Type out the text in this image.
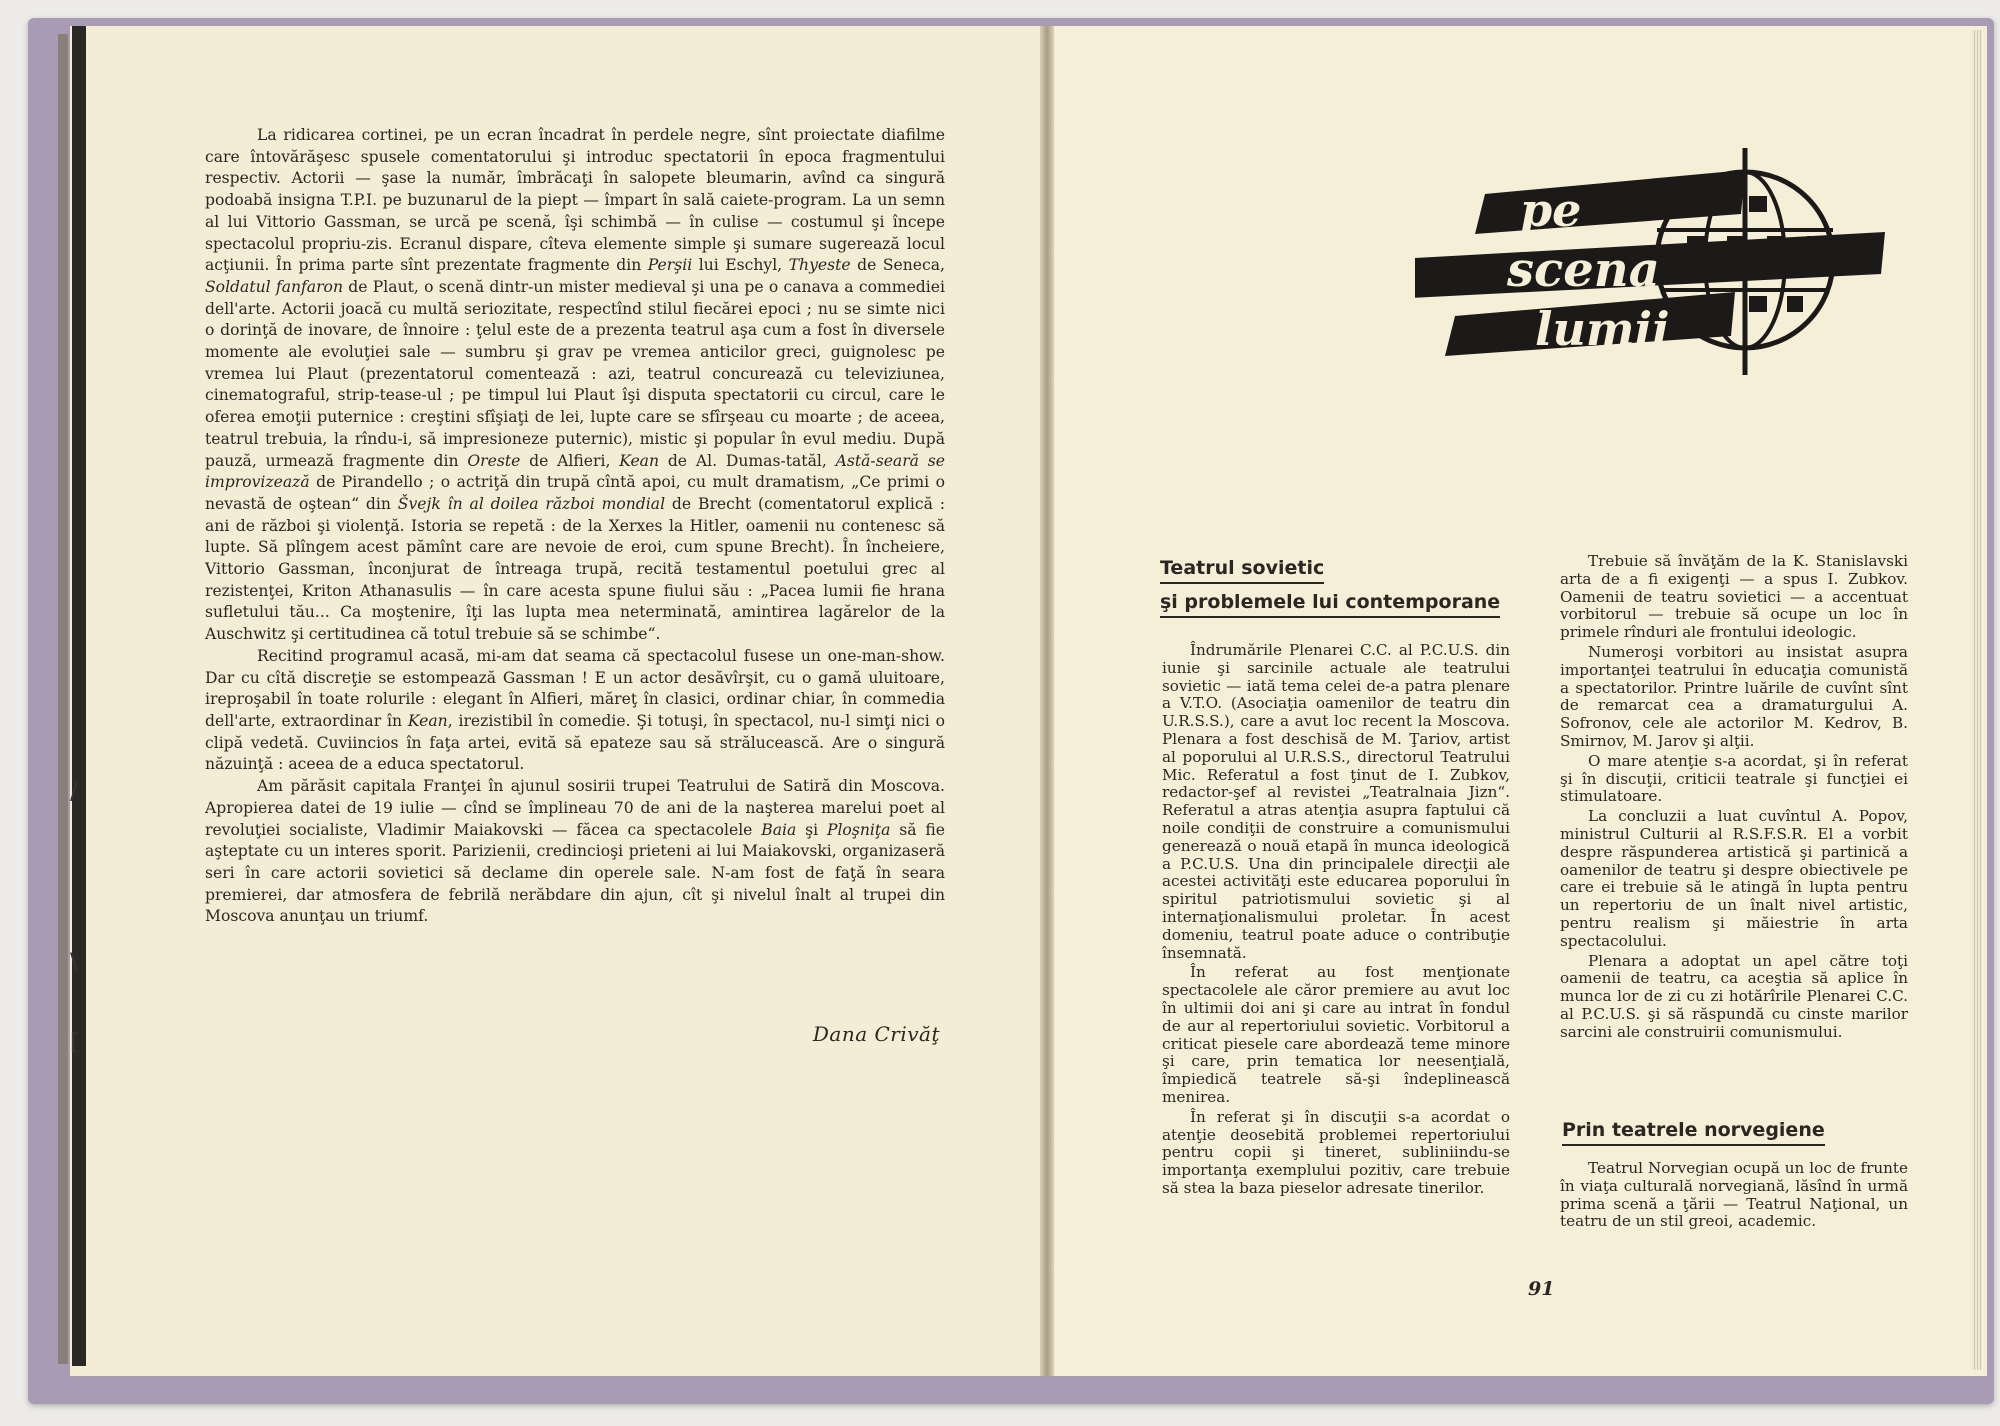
/
\
[

La ridicarea cortinei, pe un ecran încadrat în perdele negre, sînt proiectate diafilme care întovărăşesc spusele comentatorului şi introduc spectatorii în epoca fragmentului respectiv. Actorii — şase la număr, îmbrăcaţi în salopete bleumarin, avînd ca singură podoabă insigna T.P.I. pe buzunarul de la piept — împart în sală caiete-program. La un semn al lui Vittorio Gassman, se urcă pe scenă, îşi schimbă — în culise — costumul şi începe spectacolul propriu-zis. Ecranul dispare, cîteva elemente simple şi sumare sugerează locul acţiunii. În prima parte sînt prezentate fragmente din Perşii lui Eschyl, Thyeste de Seneca, Soldatul fanfaron de Plaut, o scenă dintr-un mister medieval şi una pe o canava a commediei dell'arte. Actorii joacă cu multă seriozitate, respectînd stilul fiecărei epoci ; nu se simte nici o dorinţă de inovare, de înnoire : ţelul este de a prezenta teatrul aşa cum a fost în diversele momente ale evoluţiei sale — sumbru şi grav pe vremea anticilor greci, guignolesc pe vremea lui Plaut (prezentatorul comentează : azi, teatrul concurează cu televiziunea, cinematograful, strip-tease-ul ; pe timpul lui Plaut îşi disputa spectatorii cu circul, care le oferea emoţii puternice : creştini sfîşiaţi de lei, lupte care se sfîrşeau cu moarte ; de aceea, teatrul trebuia, la rîndu-i, să impresioneze puternic), mistic şi popular în evul mediu. După pauză, urmează fragmente din Oreste de Alfieri, Kean de Al. Dumas-tatăl, Astă-seară se improvizează de Pirandello ; o actriţă din trupă cîntă apoi, cu mult dramatism, „Ce primi o nevastă de oştean“ din Švejk în al doilea război mondial de Brecht (comentatorul explică : ani de război şi violenţă. Istoria se repetă : de la Xerxes la Hitler, oamenii nu contenesc să lupte. Să plîngem acest pămînt care are nevoie de eroi, cum spune Brecht). În încheiere, Vittorio Gassman, înconjurat de întreaga trupă, recită testamentul poetului grec al rezistenţei, Kriton Athanasulis — în care acesta spune fiului său : „Pacea lumii fie hrana sufletului tău... Ca moştenire, îţi las lupta mea neterminată, amintirea lagărelor de la Auschwitz şi certitudinea că totul trebuie să se schimbe“.

Recitind programul acasă, mi-am dat seama că spectacolul fusese un one-man-show. Dar cu cîtă discreţie se estompează Gassman ! E un actor desăvîrşit, cu o gamă uluitoare, ireproşabil în toate rolurile : elegant în Alfieri, măreţ în clasici, ordinar chiar, în commedia dell'arte, extraordinar în Kean, irezistibil în comedie. Şi totuşi, în spectacol, nu-l simţi nici o clipă vedetă. Cuviincios în faţa artei, evită să epateze sau să strălucească. Are o singură năzuinţă : aceea de a educa spectatorul.

Am părăsit capitala Franţei în ajunul sosirii trupei Teatrului de Satiră din Moscova. Apropierea datei de 19 iulie — cînd se împlineau 70 de ani de la naşterea marelui poet al revoluţiei socialiste, Vladimir Maiakovski — făcea ca spectacolele Baia şi Ploşniţa să fie aşteptate cu un interes sporit. Parizienii, credincioşi prieteni ai lui Maiakovski, organizaseră seri în care actorii sovietici să declame din operele sale. N-am fost de faţă în seara premierei, dar atmosfera de febrilă nerăbdare din ajun, cît şi nivelul înalt al trupei din Moscova anunţau un triumf.

Dana Crivăţ
pe
scena
lumii
Teatrul sovietic
şi problemele lui contemporane

Îndrumările Plenarei C.C. al P.C.U.S. din iunie şi sarcinile actuale ale teatrului sovietic — iată tema celei de-a patra plenare a V.T.O. (Asociaţia oamenilor de teatru din U.R.S.S.), care a avut loc recent la Moscova. Plenara a fost deschisă de M. Ţariov, artist al poporului al U.R.S.S., directorul Teatrului Mic. Referatul a fost ţinut de I. Zubkov, redactor-şef al revistei „Teatralnaia Jizn“. Referatul a atras atenţia asupra faptului că noile condiţii de construire a comunismului generează o nouă etapă în munca ideologică a P.C.U.S. Una din principalele direcţii ale acestei activităţi este educarea poporului în spiritul patriotismului sovietic şi al internaţionalismului proletar. În acest domeniu, teatrul poate aduce o contribuţie însemnată.

În referat au fost menţionate spectacolele ale căror premiere au avut loc în ultimii doi ani şi care au intrat în fondul de aur al repertoriului sovietic. Vorbitorul a criticat piesele care abordează teme minore şi care, prin tematica lor neesenţială, împiedică teatrele să-şi îndeplinească menirea.

În referat şi în discuţii s-a acordat o atenţie deosebită problemei repertoriului pentru copii şi tineret, subliniindu-se importanţa exemplului pozitiv, care trebuie să stea la baza pieselor adresate tinerilor.

Trebuie să învăţăm de la K. Stanislavski arta de a fi exigenţi — a spus I. Zubkov. Oamenii de teatru sovietici — a accentuat vorbitorul — trebuie să ocupe un loc în primele rînduri ale frontului ideologic.

Numeroşi vorbitori au insistat asupra importanţei teatrului în educaţia comunistă a spectatorilor. Printre luările de cuvînt sînt de remarcat cea a dramaturgului A. Sofronov, cele ale actorilor M. Kedrov, B. Smirnov, M. Jarov şi alţii.

O mare atenţie s-a acordat, şi în referat şi în discuţii, criticii teatrale şi funcţiei ei stimulatoare.

La concluzii a luat cuvîntul A. Popov, ministrul Culturii al R.S.F.S.R. El a vorbit despre răspunderea artistică şi partinică a oamenilor de teatru şi despre obiectivele pe care ei trebuie să le atingă în lupta pentru un repertoriu de un înalt nivel artistic, pentru realism şi măiestrie în arta spectacolului.

Plenara a adoptat un apel către toţi oamenii de teatru, ca aceştia să aplice în munca lor de zi cu zi hotărîrile Plenarei C.C. al P.C.U.S. şi să răspundă cu cinste marilor sarcini ale construirii comunismului.

Prin teatrele norvegiene

Teatrul Norvegian ocupă un loc de frunte în viaţa culturală norvegiană, lăsînd în urmă prima scenă a ţării — Teatrul Naţional, un teatru de un stil greoi, academic.

91
